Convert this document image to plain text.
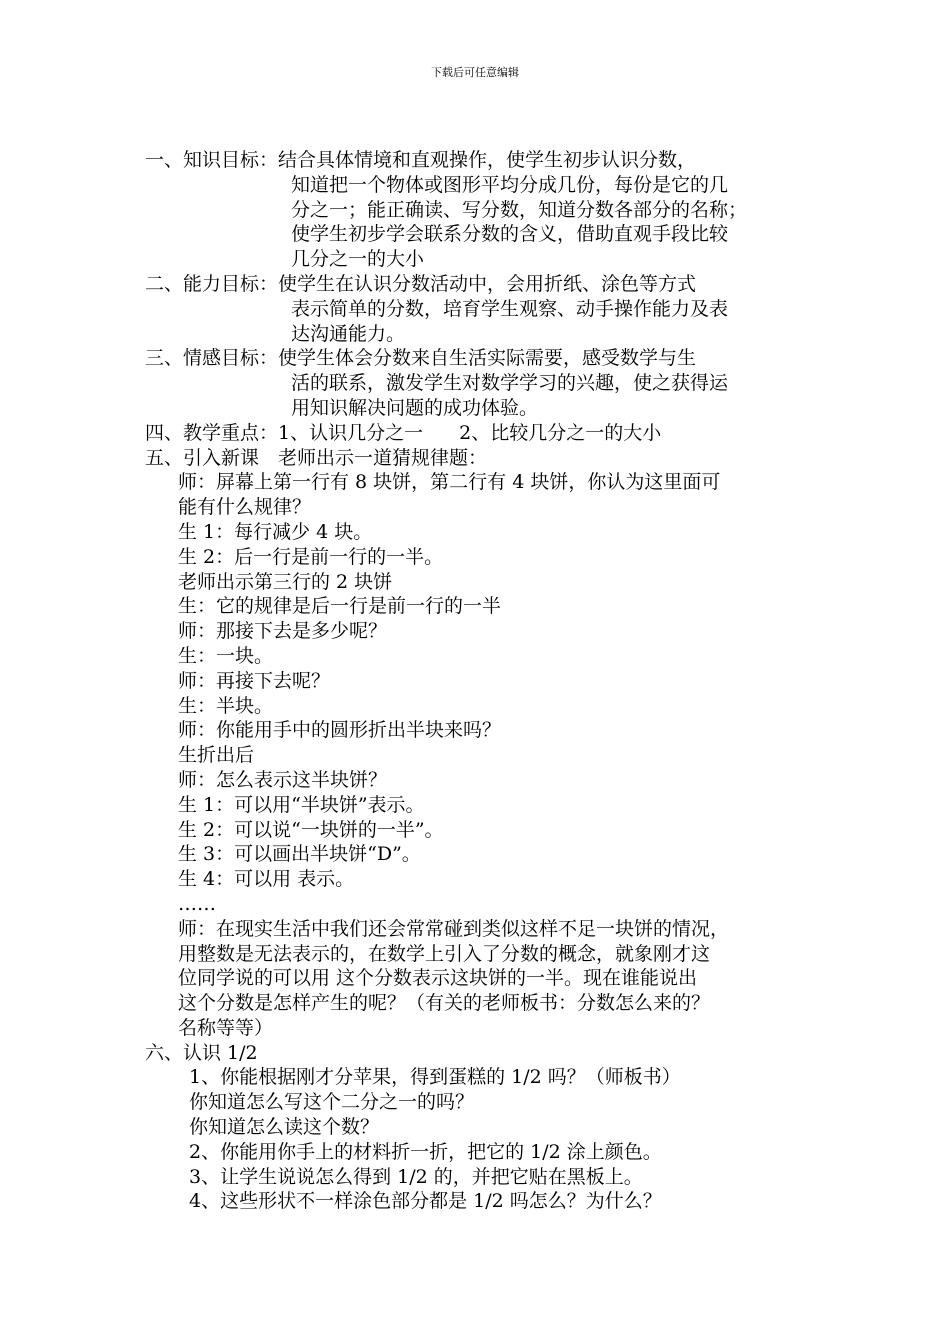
下载后可任意编辑
一、知识目标：结合具体情境和直观操作，使学生初步认识分数，
知道把一个物体或图形平均分成几份，每份是它的几
分之一；能正确读、写分数，知道分数各部分的名称；
使学生初步学会联系分数的含义，借助直观手段比较
几分之一的大小
二、能力目标：使学生在认识分数活动中，会用折纸、涂色等方式
表示简单的分数，培育学生观察、动手操作能力及表
达沟通能力。
三、情感目标：使学生体会分数来自生活实际需要，感受数学与生
活的联系，激发学生对数学学习的兴趣，使之获得运
用知识解决问题的成功体验。
四、教学重点：1、认识几分之一 2、比较几分之一的大小
五、引入新课　老师出示一道猜规律题：
师：屏幕上第一行有 8 块饼，第二行有 4 块饼，你认为这里面可
能有什么规律？
生 1：每行减少 4 块。
生 2：后一行是前一行的一半。
老师出示第三行的 2 块饼
生：它的规律是后一行是前一行的一半
师：那接下去是多少呢？
生：一块。
师：再接下去呢？
生：半块。
师：你能用手中的圆形折出半块来吗？
生折出后
师：怎么表示这半块饼？
生 1：可以用“半块饼”表示。
生 2：可以说“一块饼的一半”。
生 3：可以画出半块饼“D”。
生 4：可以用 表示。
……
师：在现实生活中我们还会常常碰到类似这样不足一块饼的情况，
用整数是无法表示的，在数学上引入了分数的概念，就象刚才这
位同学说的可以用 这个分数表示这块饼的一半。现在谁能说出
这个分数是怎样产生的呢？（有关的老师板书：分数怎么来的？
名称等等）
六、认识 1/2
1、你能根据刚才分苹果，得到蛋糕的 1/2 吗？（师板书）
你知道怎么写这个二分之一的吗？
你知道怎么读这个数？
2、你能用你手上的材料折一折，把它的 1/2 涂上颜色。
3、让学生说说怎么得到 1/2 的，并把它贴在黑板上。
4、这些形状不一样涂色部分都是 1/2 吗怎么？为什么？
